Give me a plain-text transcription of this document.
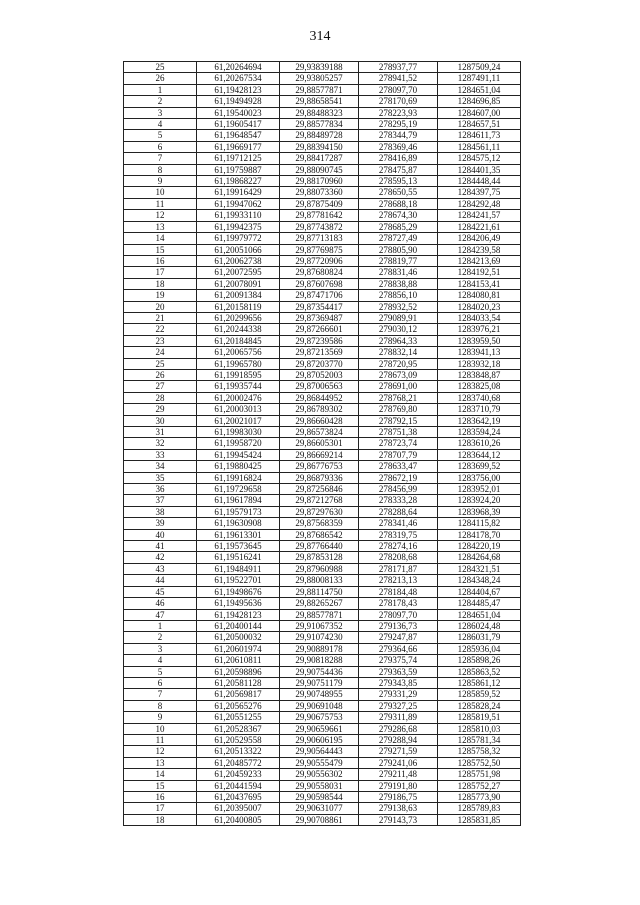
314
25	61,20264694	29,93839188	278937,77	1287509,24
26	61,20267534	29,93805257	278941,52	1287491,11
1	61,19428123	29,88577871	278097,70	1284651,04
2	61,19494928	29,88658541	278170,69	1284696,85
3	61,19540023	29,88488323	278223,93	1284607,00
4	61,19605417	29,88577834	278295,19	1284657,51
5	61,19648547	29,88489728	278344,79	1284611,73
6	61,19669177	29,88394150	278369,46	1284561,11
7	61,19712125	29,88417287	278416,89	1284575,12
8	61,19759887	29,88090745	278475,87	1284401,35
9	61,19868227	29,88170960	278595,13	1284448,44
10	61,19916429	29,88073360	278650,55	1284397,75
11	61,19947062	29,87875409	278688,18	1284292,48
12	61,19933110	29,87781642	278674,30	1284241,57
13	61,19942375	29,87743872	278685,29	1284221,61
14	61,19979772	29,87713183	278727,49	1284206,49
15	61,20051066	29,87769875	278805,90	1284239,58
16	61,20062738	29,87720906	278819,77	1284213,69
17	61,20072595	29,87680824	278831,46	1284192,51
18	61,20078091	29,87607698	278838,88	1284153,41
19	61,20091384	29,87471706	278856,10	1284080,81
20	61,20158119	29,87354417	278932,52	1284020,23
21	61,20299656	29,87369487	279089,91	1284033,54
22	61,20244338	29,87266601	279030,12	1283976,21
23	61,20184845	29,87239586	278964,33	1283959,50
24	61,20065756	29,87213569	278832,14	1283941,13
25	61,19965780	29,87203770	278720,95	1283932,18
26	61,19918595	29,87052003	278673,09	1283848,87
27	61,19935744	29,87006563	278691,00	1283825,08
28	61,20002476	29,86844952	278768,21	1283740,68
29	61,20003013	29,86789302	278769,80	1283710,79
30	61,20021017	29,86660428	278792,15	1283642,19
31	61,19983030	29,86573824	278751,38	1283594,24
32	61,19958720	29,86605301	278723,74	1283610,26
33	61,19945424	29,86669214	278707,79	1283644,12
34	61,19880425	29,86776753	278633,47	1283699,52
35	61,19916824	29,86879336	278672,19	1283756,00
36	61,19729658	29,87256846	278456,99	1283952,01
37	61,19617894	29,87212768	278333,28	1283924,20
38	61,19579173	29,87297630	278288,64	1283968,39
39	61,19630908	29,87568359	278341,46	1284115,82
40	61,19613301	29,87686542	278319,75	1284178,70
41	61,19573645	29,87766440	278274,16	1284220,19
42	61,19516241	29,87853128	278208,68	1284264,68
43	61,19484911	29,87960988	278171,87	1284321,51
44	61,19522701	29,88008133	278213,13	1284348,24
45	61,19498676	29,88114750	278184,48	1284404,67
46	61,19495636	29,88265267	278178,43	1284485,47
47	61,19428123	29,88577871	278097,70	1284651,04
1	61,20400144	29,91067352	279136,73	1286024,48
2	61,20500032	29,91074230	279247,87	1286031,79
3	61,20601974	29,90889178	279364,66	1285936,04
4	61,20610811	29,90818288	279375,74	1285898,26
5	61,20598896	29,90754436	279363,59	1285863,52
6	61,20581128	29,90751179	279343,85	1285861,12
7	61,20569817	29,90748955	279331,29	1285859,52
8	61,20565276	29,90691048	279327,25	1285828,24
9	61,20551255	29,90675753	279311,89	1285819,51
10	61,20528367	29,90659661	279286,68	1285810,03
11	61,20529558	29,90606195	279288,94	1285781,34
12	61,20513322	29,90564443	279271,59	1285758,32
13	61,20485772	29,90555479	279241,06	1285752,50
14	61,20459233	29,90556302	279211,48	1285751,98
15	61,20441594	29,90558031	279191,80	1285752,27
16	61,20437695	29,90598544	279186,75	1285773,90
17	61,20395007	29,90631077	279138,63	1285789,83
18	61,20400805	29,90708861	279143,73	1285831,85
